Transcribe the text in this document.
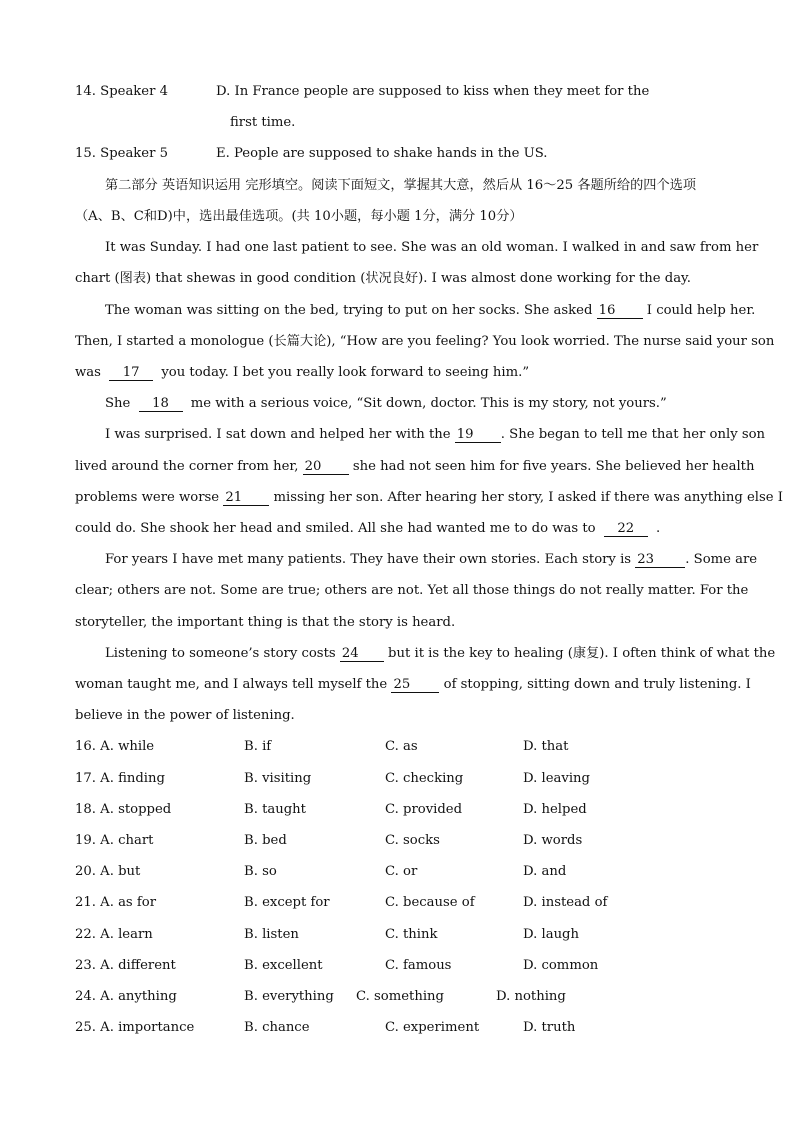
14. Speaker 4	D. In France people are supposed to kiss when they meet for the
first time.
15. Speaker 5	E. People are supposed to shake hands in the US.
第二部分 英语知识运用 完形填空。阅读下面短文，掌握其大意，然后从 16～25 各题所给的四个选项
（A、B、C和D)中，选出最佳选项。(共 10小题，每小题 1分，满分 10分）
It was Sunday. I had one last patient to see. She was an old woman. I walked in and saw from her
chart (图表) that shewas in good condition (状况良好). I was almost done working for the day.
The woman was sitting on the bed, trying to put on her socks. She asked 16 I could help her.
Then, I started a monologue (长篇大论), “How are you feeling? You look worried. The nurse said your son
was 17 you today. I bet you really look forward to seeing him.”
She 18 me with a serious voice, “Sit down, doctor. This is my story, not yours.”
I was surprised. I sat down and helped her with the 19 . She began to tell me that her only son
lived around the corner from her, 20 she had not seen him for five years. She believed her health
problems were worse 21 missing her son. After hearing her story, I asked if there was anything else I
could do. She shook her head and smiled. All she had wanted me to do was to 22 .
For years I have met many patients. They have their own stories. Each story is 23 . Some are
clear; others are not. Some are true; others are not. Yet all those things do not really matter. For the
storyteller, the important thing is that the story is heard.
Listening to someone’s story costs 24 but it is the key to healing (康复). I often think of what the
woman taught me, and I always tell myself the 25	of stopping, sitting down and truly listening. I
believe in the power of listening.
16. A. while	B. if	C. as	D. that
17. A. finding	B. visiting	C. checking	D. leaving
18. A. stopped	B. taught	C. provided	D. helped
19. A. chart	B. bed	C. socks	D. words
20. A. but	B. so	C. or	D. and
21. A. as for	B. except for	C. because of	D. instead of
22. A. learn	B. listen	C. think	D. laugh
23. A. different	B. excellent	C. famous	D. common
24. A. anything	B. everything C. something	D. nothing
25. A. importance	B. chance	C. experiment	D. truth
